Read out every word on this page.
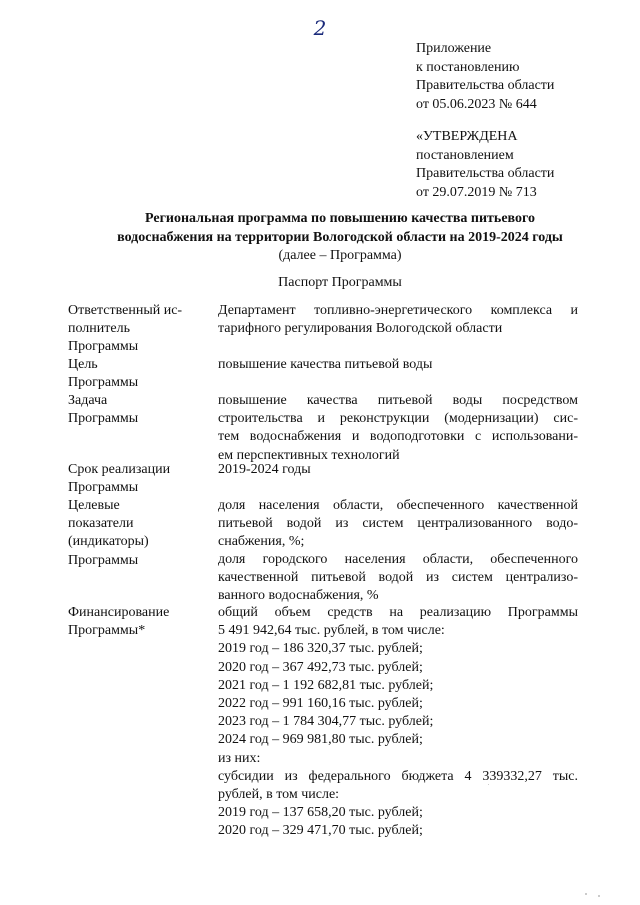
2
Приложение
к постановлению
Правительства области
от 05.06.2023 № 644
«УТВЕРЖДЕНА
постановлением
Правительства области
от 29.07.2019 № 713
Региональная программа по повышению качества питьевого
водоснабжения на территории Вологодской области на 2019-2024 годы
(далее – Программа)
Паспорт Программы
Ответственный ис-
полнитель
Программы
Департамент топливно-энергетического комплекса и
тарифного регулирования Вологодской области
Цель
Программы
повышение качества питьевой воды
Задача
Программы
повышение качества питьевой воды посредством
строительства и реконструкции (модернизации) сис-
тем водоснабжения и водоподготовки с использовани-
ем перспективных технологий
Срок реализации
Программы
2019-2024 годы
Целевые
показатели
(индикаторы)
Программы
доля населения области, обеспеченного качественной
питьевой водой из систем централизованного водо-
снабжения, %;
доля городского населения области, обеспеченного
качественной питьевой водой из систем централизо-
ванного водоснабжения, %
Финансирование
Программы*
общий объем средств на реализацию Программы
5 491 942,64 тыс. рублей, в том числе:
2019 год – 186 320,37 тыс. рублей;
2020 год – 367 492,73 тыс. рублей;
2021 год – 1 192 682,81 тыс. рублей;
2022 год – 991 160,16 тыс. рублей;
2023 год – 1 784 304,77 тыс. рублей;
2024 год – 969 981,80 тыс. рублей;
из них:
субсидии из федерального бюджета 4 339332,27 тыс.
рублей, в том числе:
2019 год – 137 658,20 тыс. рублей;
2020 год – 329 471,70 тыс. рублей;
